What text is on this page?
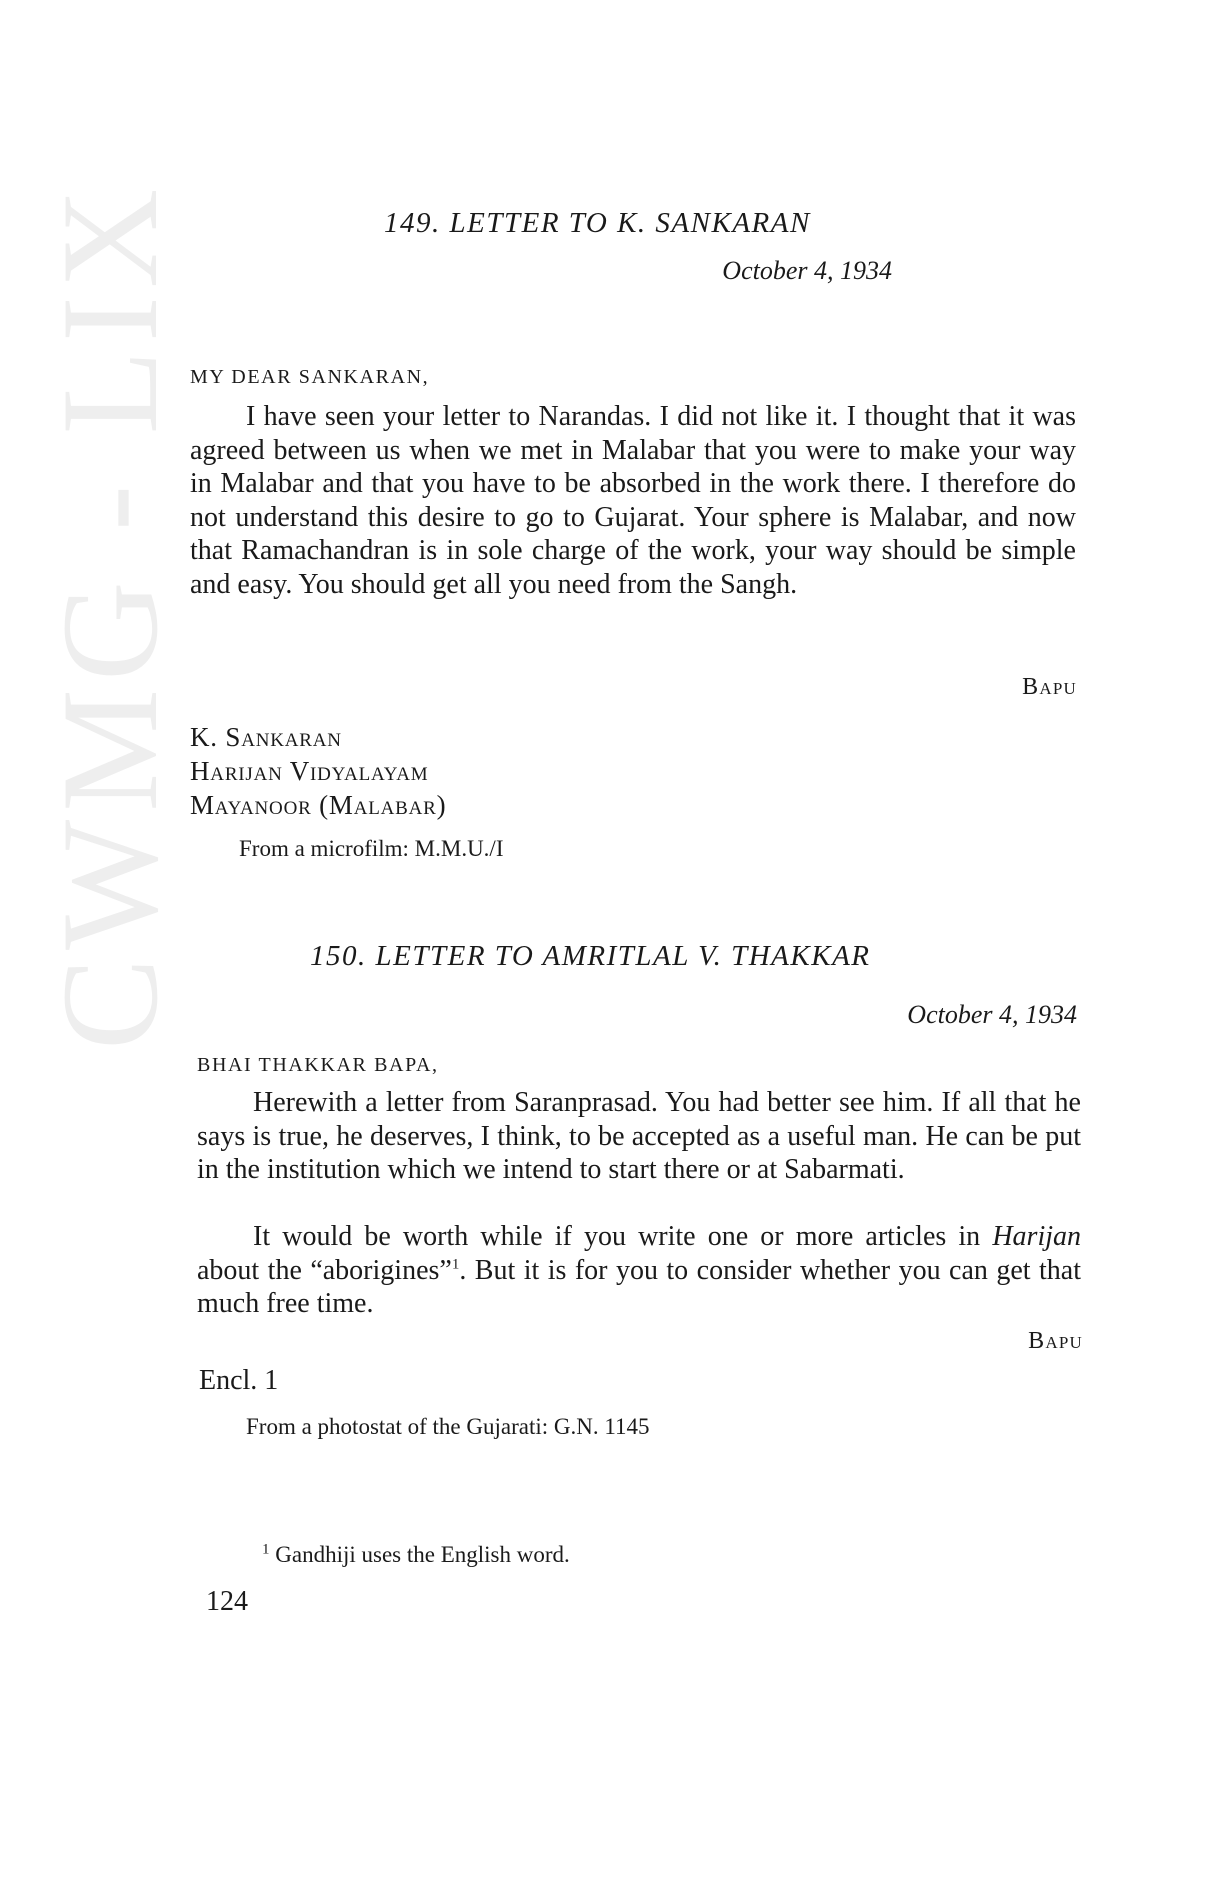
CWMG - LIX	149. LETTER TO K. SANKARAN
October 4, 1934
MY DEAR SANKARAN,

I have seen your letter to Narandas. I did not like it. I thought that it was agreed between us when we met in Malabar that you were to make your way in Malabar and that you have to be absorbed in the work there. I therefore do not understand this desire to go to Gujarat. Your sphere is Malabar, and now that Ramachandran is in sole charge of the work, your way should be simple and easy. You should get all you need from the Sangh.

Bapu
K. Sankaran
Harijan Vidyalayam
Mayanoor (Malabar)
From a microfilm: M.M.U./I
150. LETTER TO AMRITLAL V. THAKKAR
October 4, 1934
BHAI THAKKAR BAPA,

Herewith a letter from Saranprasad. You had better see him. If all that he says is true, he deserves, I think, to be accepted as a useful man. He can be put in the institution which we intend to start there or at Sabarmati.

It would be worth while if you write one or more articles in Harijan about the “aborigines”$^1$. But it is for you to consider whether you can get that much free time.

Bapu
Encl. 1
From a photostat of the Gujarati: G.N. 1145
$^1$ Gandhiji uses the English word.
124
